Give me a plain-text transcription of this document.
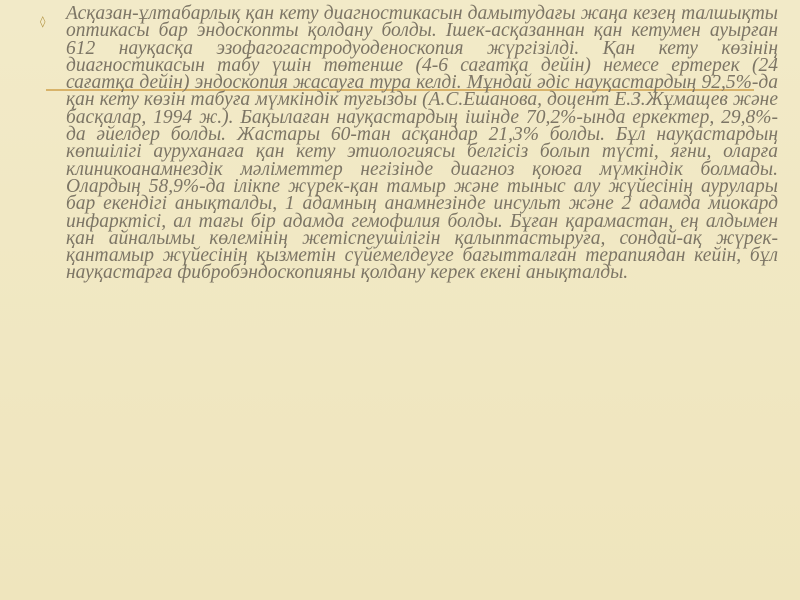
◊ Асқазан-ұлтабарлық қан кету диагностикасын дамытудағы жаңа кезең талшықты оптикасы бар эндоскопты қолдану болды. Ішек-асқазаннан қан кетумен ауырған 612 науқасқа эзофагогастродуоденоскопия жүргізілді. Қан кету көзінің диагностикасын табу үшін төтенше (4-6 сағатқа дейін) немесе ертерек (24 сағатқа дейін) эндоскопия жасауға тура келді. Мұндай әдіс науқастардың 92,5%-да қан кету көзін табуға мүмкіндік туғызды (А.С.Ешанова, доцент Е.З.Жұмащев және басқалар, 1994 ж.). Бақылаған науқастардың ішінде 70,2%-ында еркектер, 29,8%-да әйелдер болды. Жастары 60-тан асқандар 21,3% болды. Бұл науқастардың көпшілігі ауруханаға қан кету этиологиясы белгісіз болып түсті, яғни, оларға клиникоанамнездік мәліметтер негізінде диагноз қоюға мүмкіндік болмады. Олардың 58,9%-да ілікпе жүрек-қан тамыр және тыныс алу жүйесінің аурулары бар екендігі анықталды, 1 адамның анамнезінде инсульт және 2 адамда миокард инфарктісі, ал тағы бір адамда гемофилия болды. Бұған қарамастан, ең алдымен қан айналымы көлемінің жетіспеушілігін қалыптастыруға, сондай-ақ жүрек-қантамыр жүйесінің қызметін сүйемелдеуге бағытталған терапиядан кейін, бұл науқастарға фибробэндоскопияны қолдану керек екені анықталды.
